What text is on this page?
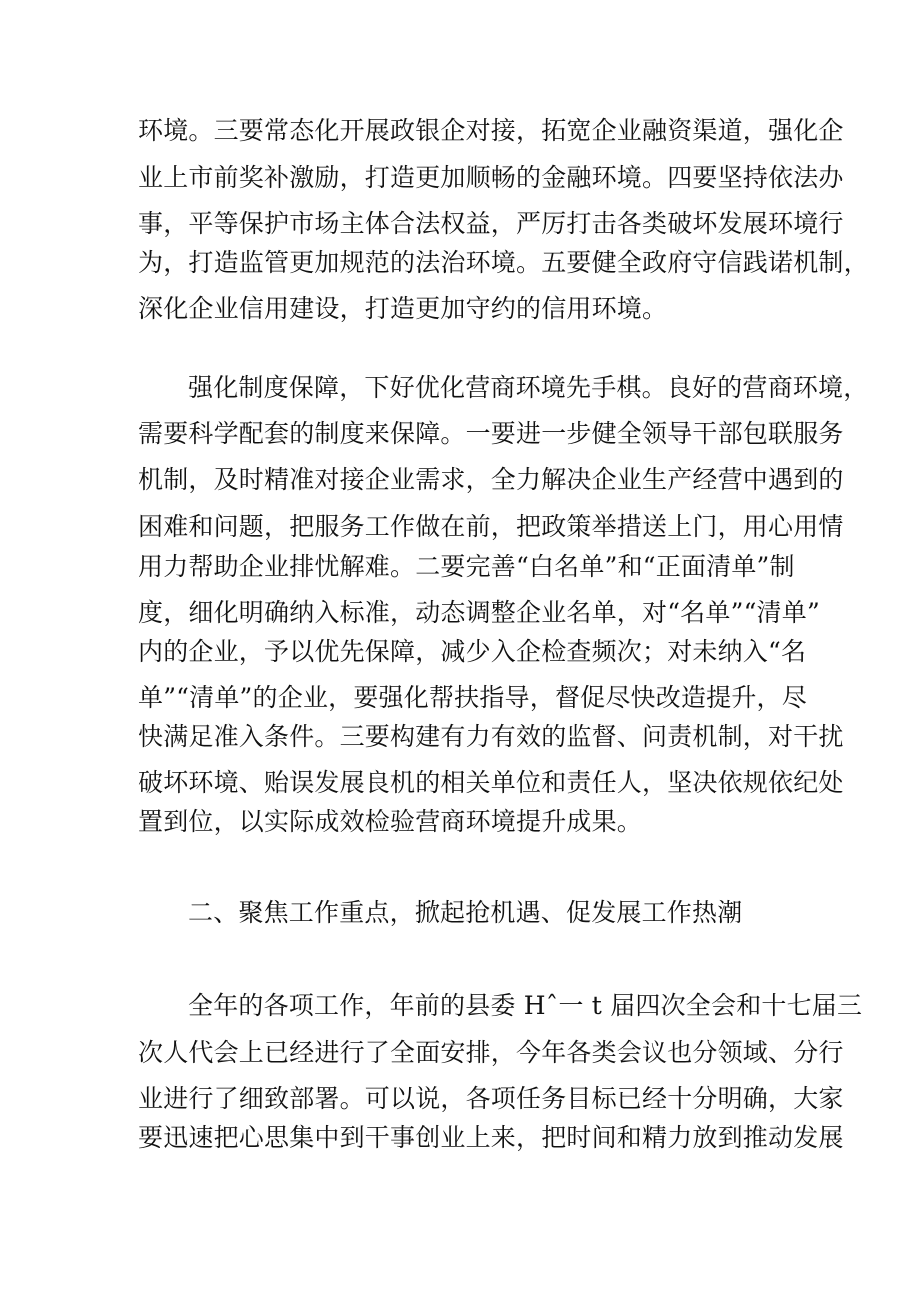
环境。三要常态化开展政银企对接，拓宽企业融资渠道，强化企
业上市前奖补激励，打造更加顺畅的金融环境。四要坚持依法办
事，平等保护市场主体合法权益，严厉打击各类破坏发展环境行
为，打造监管更加规范的法治环境。五要健全政府守信践诺机制，
深化企业信用建设，打造更加守约的信用环境。
强化制度保障，下好优化营商环境先手棋。良好的营商环境，
需要科学配套的制度来保障。一要进一步健全领导干部包联服务
机制，及时精准对接企业需求，全力解决企业生产经营中遇到的
困难和问题，把服务工作做在前，把政策举措送上门，用心用情
用力帮助企业排忧解难。二要完善“白名单”和“正面清单”制
度，细化明确纳入标准，动态调整企业名单，对“名单”“清单”
内的企业，予以优先保障，减少入企检查频次；对未纳入“名
单”“清单”的企业，要强化帮扶指导，督促尽快改造提升，尽
快满足准入条件。三要构建有力有效的监督、问责机制，对干扰
破坏环境、贻误发展良机的相关单位和责任人，坚决依规依纪处
置到位，以实际成效检验营商环境提升成果。
二、聚焦工作重点，掀起抢机遇、促发展工作热潮
全年的各项工作，年前的县委 Hˆ一 t 届四次全会和十七届三
次人代会上已经进行了全面安排，今年各类会议也分领域、分行
业进行了细致部署。可以说，各项任务目标已经十分明确，大家
要迅速把心思集中到干事创业上来，把时间和精力放到推动发展
